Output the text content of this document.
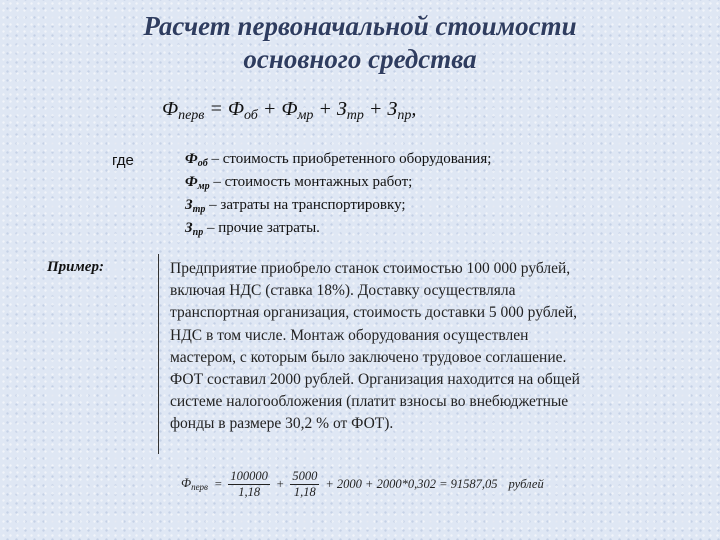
Расчет первоначальной стоимости
основного средства
$Ф_{перв} = Ф_{об} + Ф_{мр} + З_{тр} + З_{пр}$,
где	$Ф_{об}$ – стоимость приобретенного оборудования;
$Ф_{мр}$ – стоимость монтажных работ;
$З_{тр}$ – затраты на транспортировку;
$З_{пр}$ – прочие затраты.
Пример:	Предприятие приобрело станок стоимостью 100 000 рублей,
включая НДС (ставка 18%). Доставку осуществляла
транспортная организация, стоимость доставки 5 000 рублей,
НДС в том числе. Монтаж оборудования осуществлен
мастером, с которым было заключено трудовое соглашение.
ФОТ составил 2000 рублей. Организация находится на общей
системе налогообложения (платит взносы во внебюджетные
фонды в размере 30,2 % от ФОТ).
$Ф_{перв} = \frac{100000}{1,18} + \frac{5000}{1,18} + 2000 + 2000*0,302 = 91587,05$ рублей
